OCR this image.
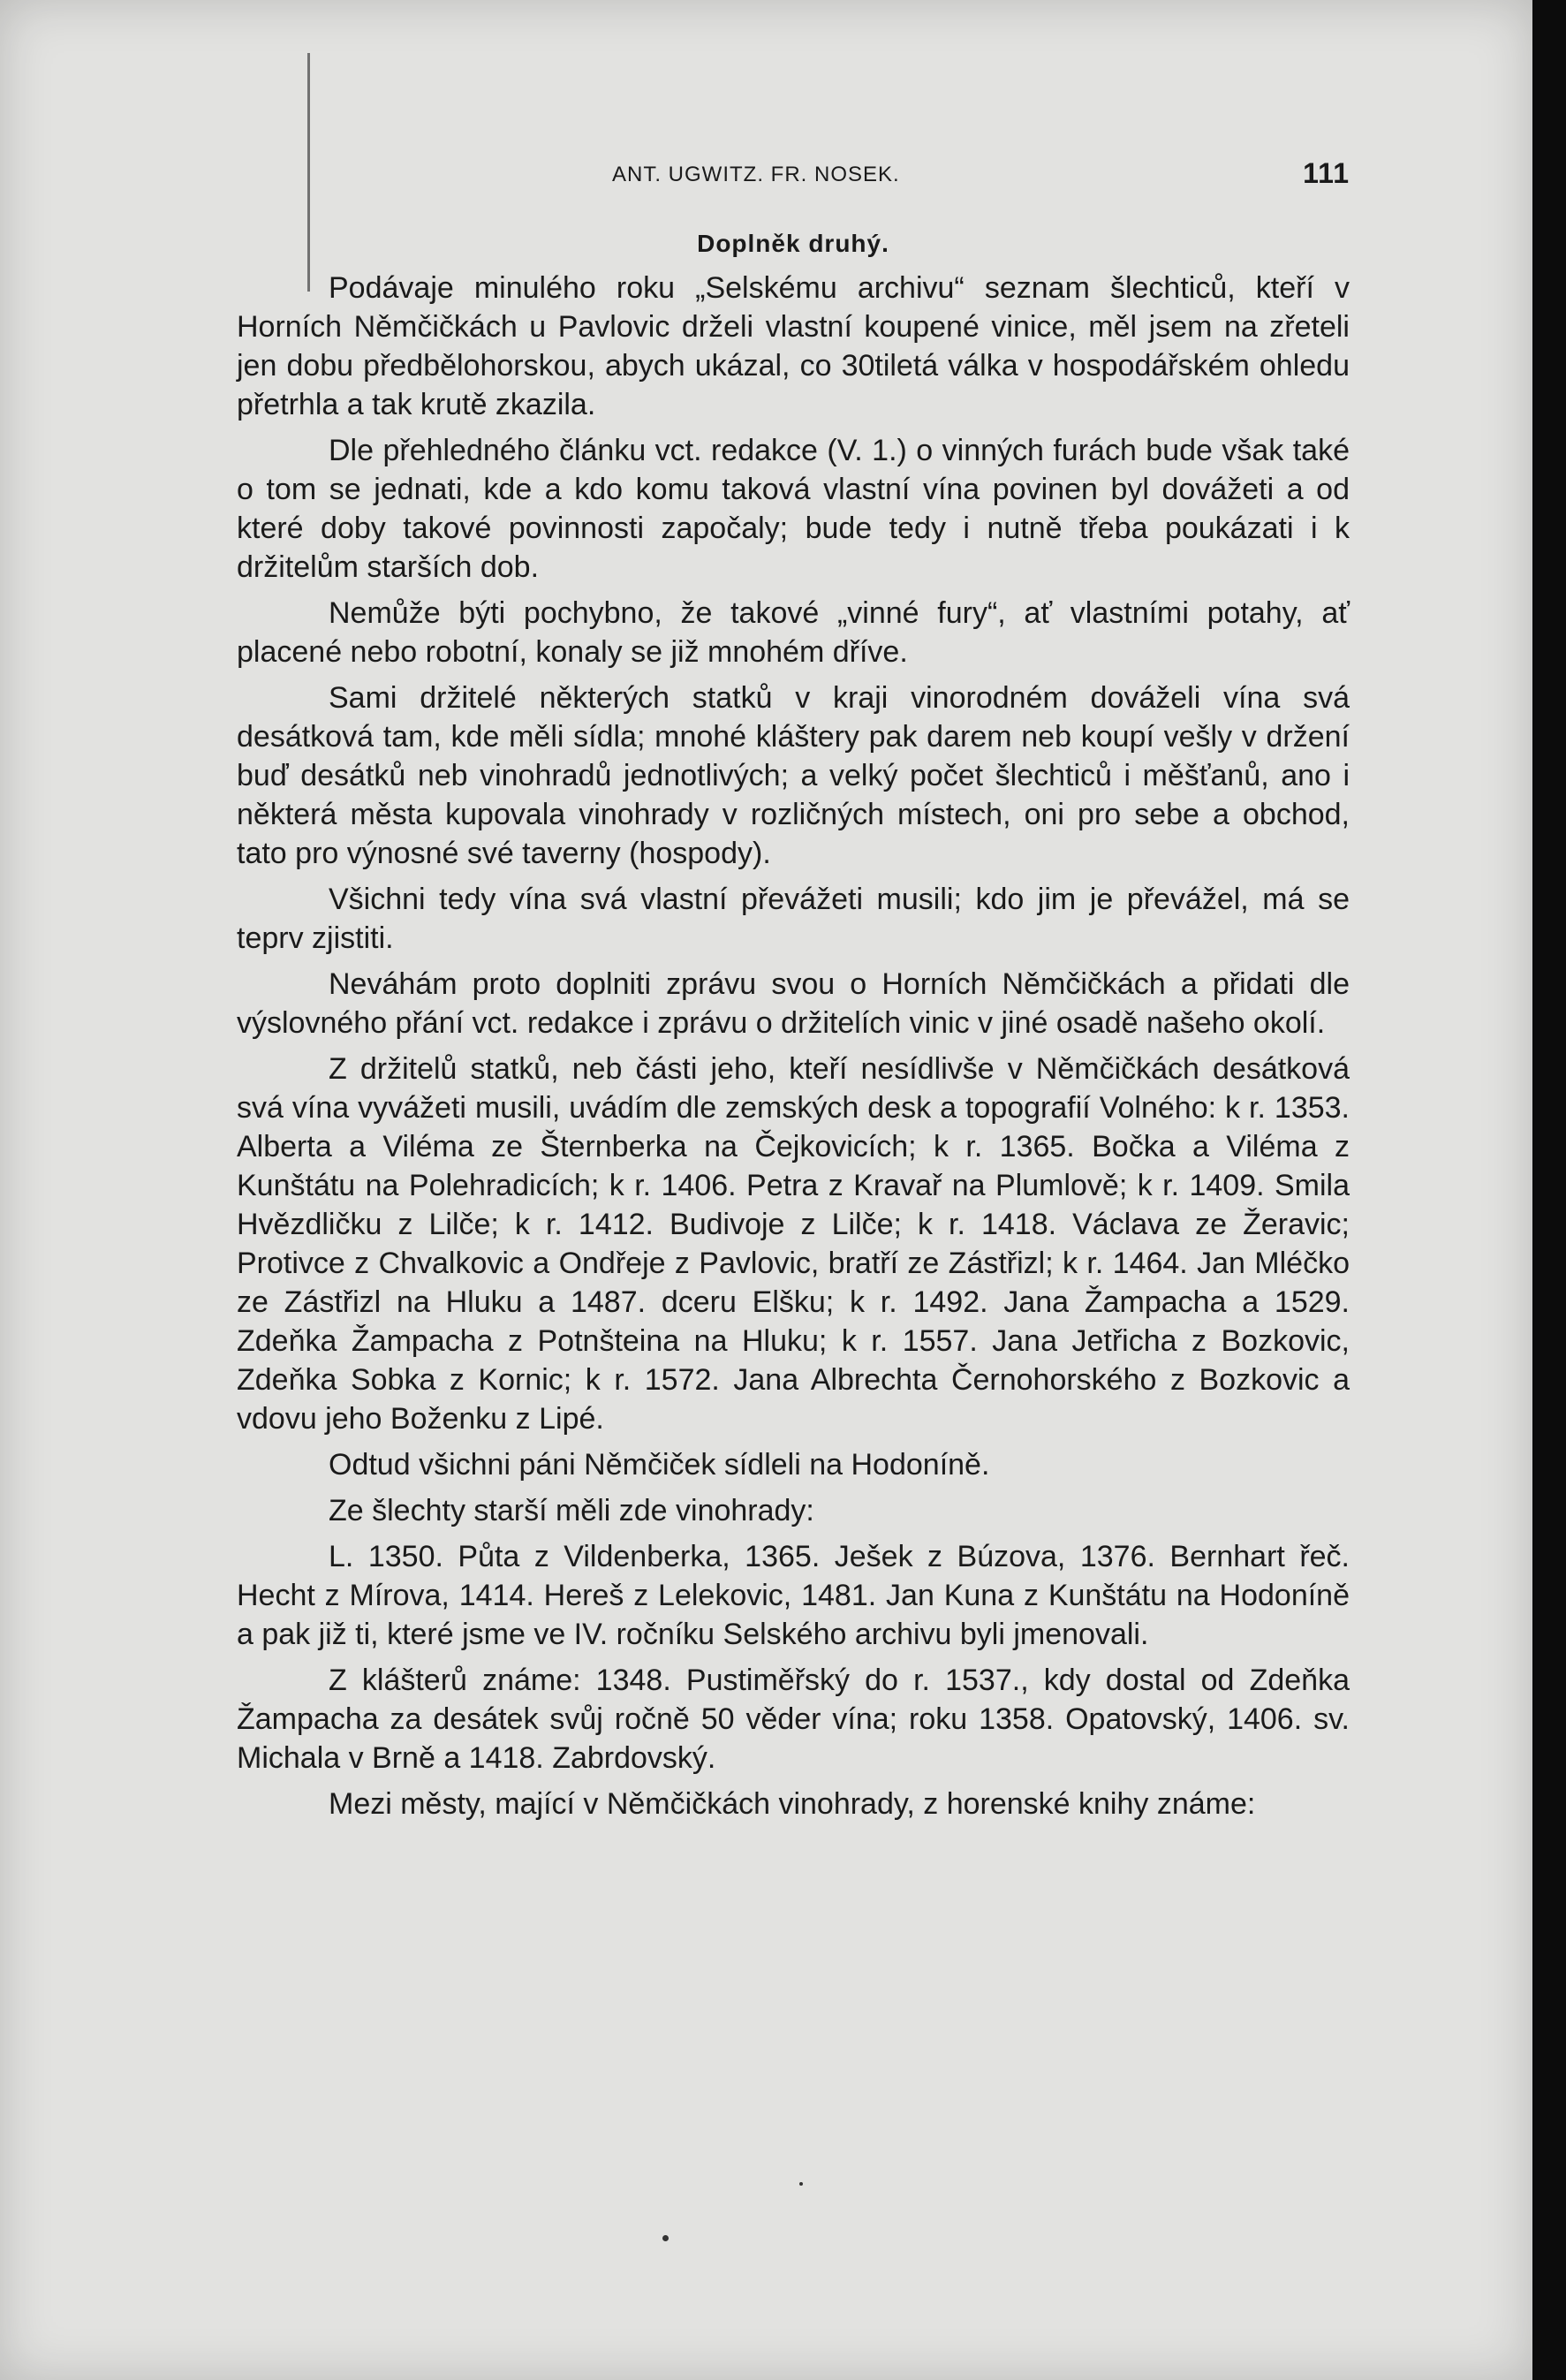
ANT. UGWITZ. FR. NOSEK.	111
Doplněk druhý.

Podávaje minulého roku „Selskému archivu“ seznam šlechticů, kteří v Horních Němčičkách u Pavlovic drželi vlastní koupené vinice, měl jsem na zřeteli jen dobu předbělohorskou, abych ukázal, co 30tiletá válka v hospodářském ohledu přetrhla a tak krutě zkazila.

Dle přehledného článku vct. redakce (V. 1.) o vinných furách bude však také o tom se jednati, kde a kdo komu taková vlastní vína povinen byl dovážeti a od které doby takové povinnosti započaly; bude tedy i nutně třeba poukázati i k držitelům starších dob.

Nemůže býti pochybno, že takové „vinné fury“, ať vlastními potahy, ať placené nebo robotní, konaly se již mnohém dříve.

Sami držitelé některých statků v kraji vinorodném dováželi vína svá desátková tam, kde měli sídla; mnohé kláštery pak darem neb koupí vešly v držení buď desátků neb vinohradů jednotlivých; a velký počet šlechticů i měšťanů, ano i některá města kupovala vinohrady v rozličných místech, oni pro sebe a obchod, tato pro výnosné své taverny (hospody).

Všichni tedy vína svá vlastní převážeti musili; kdo jim je převážel, má se teprv zjistiti.

Neváhám proto doplniti zprávu svou o Horních Němčičkách a přidati dle výslovného přání vct. redakce i zprávu o držitelích vinic v jiné osadě našeho okolí.

Z držitelů statků, neb části jeho, kteří nesídlivše v Němčičkách desátková svá vína vyvážeti musili, uvádím dle zemských desk a topografií Volného: k r. 1353. Alberta a Viléma ze Šternberka na Čejkovicích; k r. 1365. Bočka a Viléma z Kunštátu na Polehradicích; k r. 1406. Petra z Kravař na Plumlově; k r. 1409. Smila Hvězdličku z Lilče; k r. 1412. Budivoje z Lilče; k r. 1418. Václava ze Žeravic; Protivce z Chvalkovic a Ondřeje z Pavlovic, bratří ze Zástřizl; k r. 1464. Jan Mléčko ze Zástřizl na Hluku a 1487. dceru Elšku; k r. 1492. Jana Žampacha a 1529. Zdeňka Žampacha z Potnšteina na Hluku; k r. 1557. Jana Jetřicha z Bozkovic, Zdeňka Sobka z Kornic; k r. 1572. Jana Albrechta Černohorského z Bozkovic a vdovu jeho Boženku z Lipé.

Odtud všichni páni Němčiček sídleli na Hodoníně.

Ze šlechty starší měli zde vinohrady:

L. 1350. Půta z Vildenberka, 1365. Ješek z Búzova, 1376. Bernhart řeč. Hecht z Mírova, 1414. Hereš z Lelekovic, 1481. Jan Kuna z Kunštátu na Hodoníně a pak již ti, které jsme ve IV. ročníku Selského archivu byli jmenovali.

Z klášterů známe: 1348. Pustiměřský do r. 1537., kdy dostal od Zdeňka Žampacha za desátek svůj ročně 50 věder vína; roku 1358. Opatovský, 1406. sv. Michala v Brně a 1418. Zabrdovský.

Mezi městy, mající v Němčičkách vinohrady, z horenské knihy známe:
